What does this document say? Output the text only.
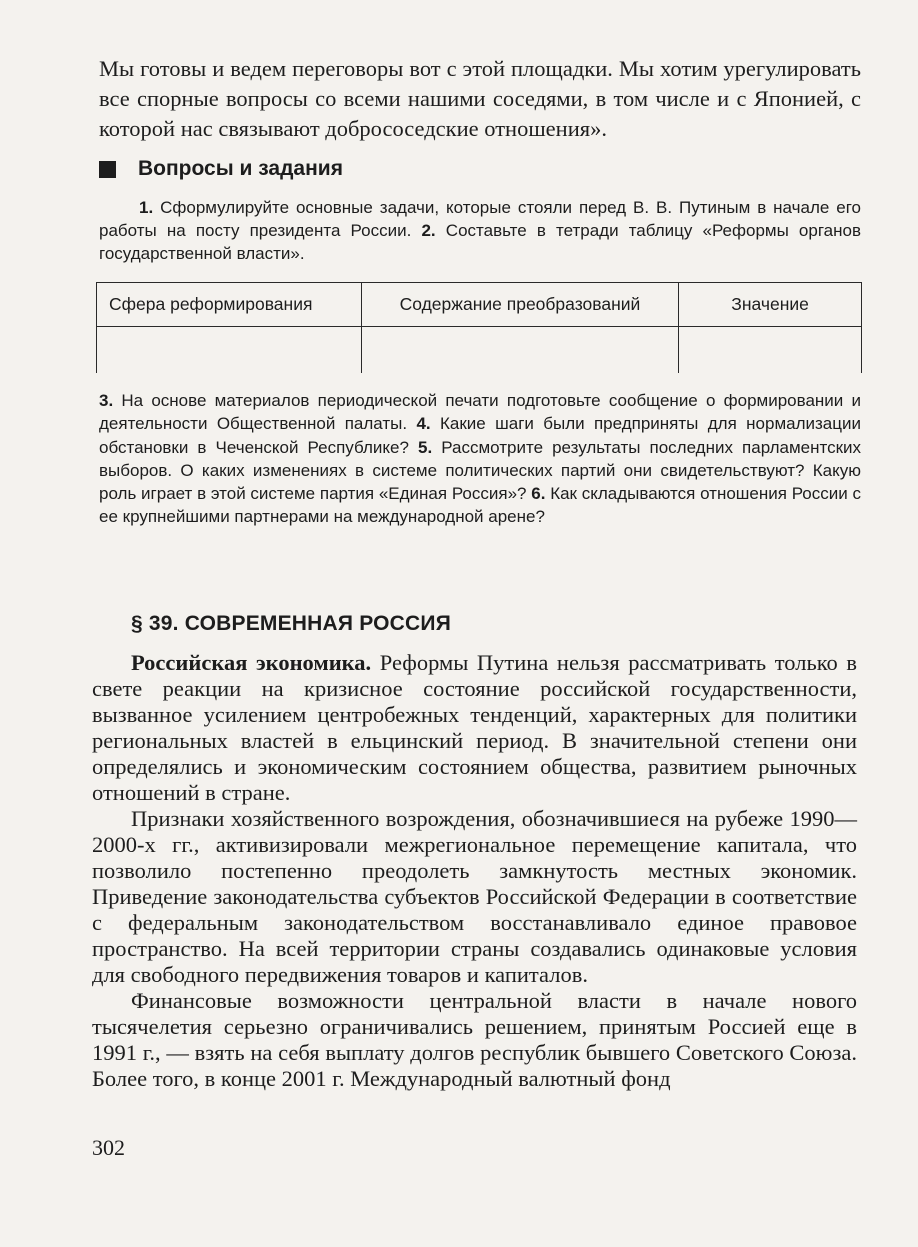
Мы готовы и ведем переговоры вот с этой площадки. Мы хотим урегулировать все спорные вопросы со всеми нашими соседями, в том числе и с Японией, с которой нас связывают добрососедские отношения».
Вопросы и задания
1. Сформулируйте основные задачи, которые стояли перед В. В. Путиным в начале его работы на посту президента России. 2. Составьте в тетради таблицу «Реформы органов государственной власти».
Сфера реформирования	Содержание преобразований	Значение

3. На основе материалов периодической печати подготовьте сообщение о формировании и деятельности Общественной палаты. 4. Какие шаги были предприняты для нормализации обстановки в Чеченской Республике? 5. Рассмотрите результаты последних парламентских выборов. О каких изменениях в системе политических партий они свидетельствуют? Какую роль играет в этой системе партия «Единая Россия»? 6. Как складываются отношения России с ее крупнейшими партнерами на международной арене?
§ 39. СОВРЕМЕННАЯ РОССИЯ

Российская экономика. Реформы Путина нельзя рассматривать только в свете реакции на кризисное состояние российской государственности, вызванное усилением центробежных тенденций, характерных для политики региональных властей в ельцинский период. В значительной степени они определялись и экономическим состоянием общества, развитием рыночных отношений в стране.

Признаки хозяйственного возрождения, обозначившиеся на рубеже 1990—2000-х гг., активизировали межрегиональное перемещение капитала, что позволило постепенно преодолеть замкнутость местных экономик. Приведение законодательства субъектов Российской Федерации в соответствие с федеральным законодательством восстанавливало единое правовое пространство. На всей территории страны создавались одинаковые условия для свободного передвижения товаров и капиталов.

Финансовые возможности центральной власти в начале нового тысячелетия серьезно ограничивались решением, принятым Россией еще в 1991 г., — взять на себя выплату долгов республик бывшего Советского Союза. Более того, в конце 2001 г. Международный валютный фонд

302
